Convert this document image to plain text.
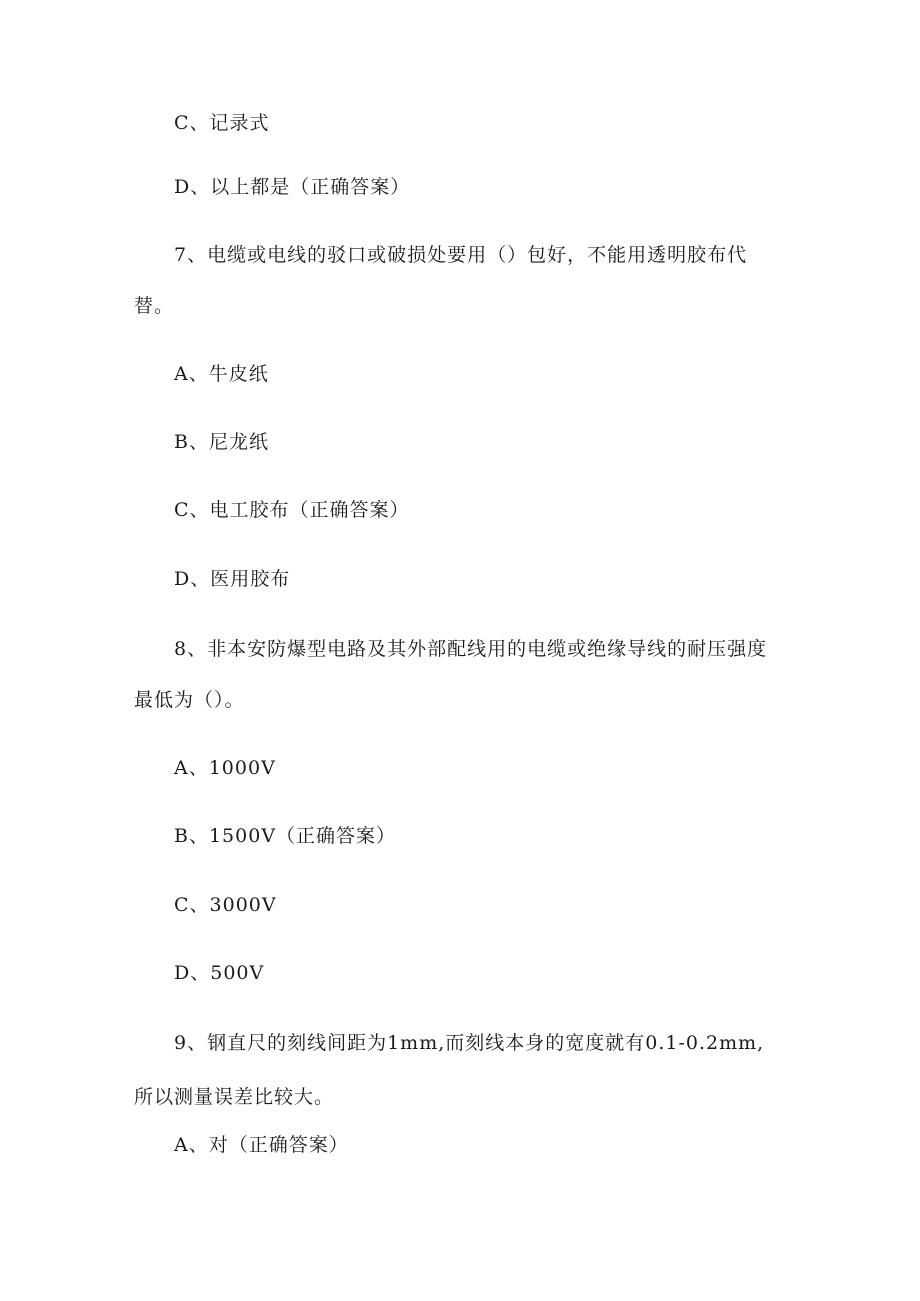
C、记录式
D、以上都是（正确答案）
7、电缆或电线的驳口或破损处要用（）包好，不能用透明胶布代
替。
A、牛皮纸
B、尼龙纸
C、电工胶布（正确答案）
D、医用胶布
8、非本安防爆型电路及其外部配线用的电缆或绝缘导线的耐压强度
最低为（）。
A、1000V
B、1500V（正确答案）
C、3000V
D、500V
9、钢直尺的刻线间距为1mm,而刻线本身的宽度就有0.1-0.2mm,
所以测量误差比较大。
A、对（正确答案）
